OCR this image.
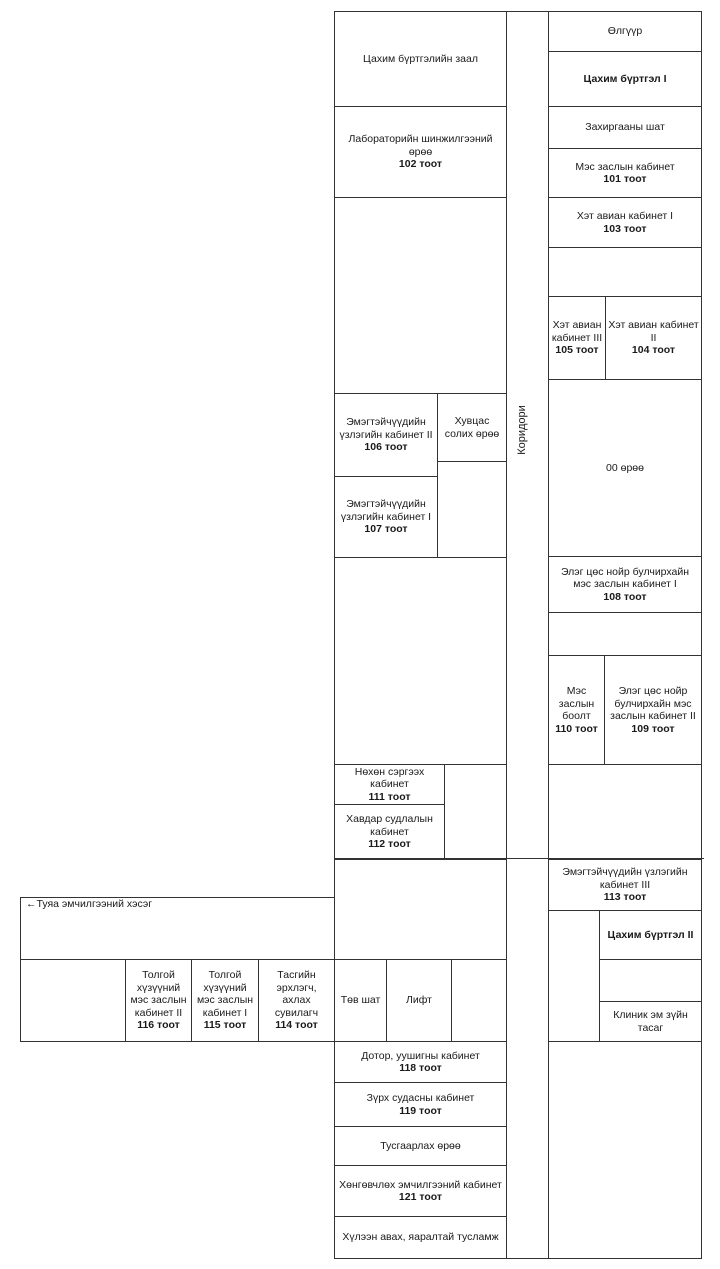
Цахим бүртгэлийн заал
Лабораторийн шинжилгээний өрөө
102 тоот
Эмэгтэйчүүдийн үзлэгийн кабинет II
106 тоот
Хувцас солих өрөө
Эмэгтэйчүүдийн үзлэгийн кабинет I
107 тоот
Нөхөн сэргээх кабинет
111 тоот
Хавдар судлалын кабинет
112 тоот
Коридори
Өлгүүр
Цахим бүртгэл I
Захиргааны шат
Мэс заслын кабинет
101 тоот
Хэт авиан кабинет I
103 тоот
Хэт авиан кабинет III
105 тоот
Хэт авиан кабинет II
104 тоот
00 өрөө
Элэг цөс нойр булчирхайн мэс заслын кабинет I
108 тоот
Мэс заслын боолт
110 тоот
Элэг цөс нойр булчирхайн мэс заслын кабинет II
109 тоот
Эмэгтэйчүүдийн үзлэгийн кабинет III
113 тоот
Цахим бүртгэл II
Клиник эм зүйн тасаг
←Туяа эмчилгээний хэсэг
Толгой хүзүүний мэс заслын кабинет II
116 тоот
Толгой хүзүүний мэс заслын кабинет I
115 тоот
Тасгийн эрхлэгч, ахлах сувилагч
114 тоот
Төв шат Лифт
Дотор, уушигны кабинет
118 тоот
Зүрх судасны кабинет
119 тоот
Тусгаарлах өрөө
Хөнгөвчлөх эмчилгээний кабинет
121 тоот
Хүлээн авах, яаралтай тусламж
